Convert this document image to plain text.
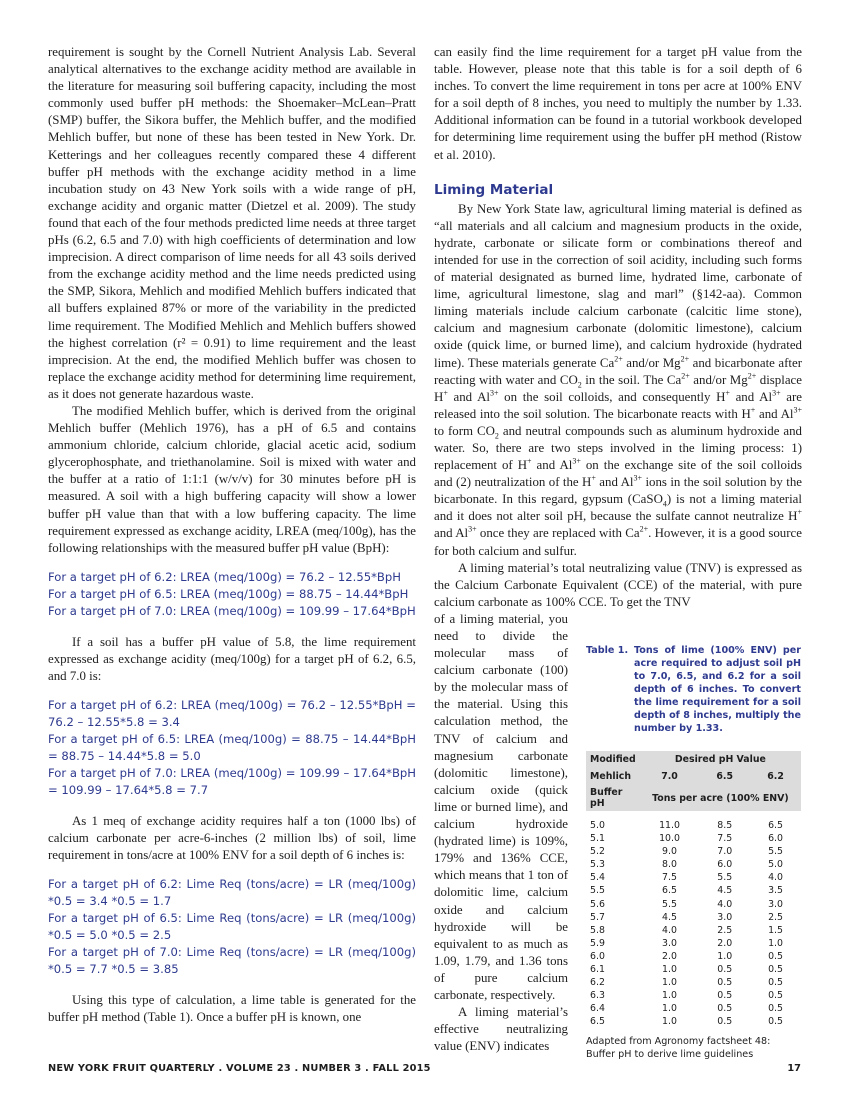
requirement is sought by the Cornell Nutrient Analysis Lab. Several analytical alternatives to the exchange acidity method are available in the literature for measuring soil buffering capacity, including the most commonly used buffer pH methods: the Shoemaker–McLean–Pratt (SMP) buffer, the Sikora buffer, the Mehlich buffer, and the modified Mehlich buffer, but none of these has been tested in New York. Dr. Ketterings and her colleagues recently compared these 4 different buffer pH methods with the exchange acidity method in a lime incubation study on 43 New York soils with a wide range of pH, exchange acidity and organic matter (Dietzel et al. 2009). The study found that each of the four methods predicted lime needs at three target pHs (6.2, 6.5 and 7.0) with high coefficients of determination and low imprecision. A direct comparison of lime needs for all 43 soils derived from the exchange acidity method and the lime needs predicted using the SMP, Sikora, Mehlich and modified Mehlich buffers indicated that all buffers explained 87% or more of the variability in the predicted lime requirement. The Modified Mehlich and Mehlich buffers showed the highest correlation (r² = 0.91) to lime requirement and the least imprecision. At the end, the modified Mehlich buffer was chosen to replace the exchange acidity method for determining lime requirement, as it does not generate hazardous waste.

The modified Mehlich buffer, which is derived from the original Mehlich buffer (Mehlich 1976), has a pH of 6.5 and contains ammonium chloride, calcium chloride, glacial acetic acid, sodium glycerophosphate, and triethanolamine. Soil is mixed with water and the buffer at a ratio of 1:1:1 (w/v/v) for 30 minutes before pH is measured. A soil with a high buffering capacity will show a lower buffer pH value than that with a low buffering capacity. The lime requirement expressed as exchange acidity, LREA (meq/100g), has the following relationships with the measured buffer pH value (BpH):

For a target pH of 6.2: LREA (meq/100g) = 76.2 – 12.55*BpH

For a target pH of 6.5: LREA (meq/100g) = 88.75 – 14.44*BpH

For a target pH of 7.0: LREA (meq/100g) = 109.99 – 17.64*BpH

If a soil has a buffer pH value of 5.8, the lime requirement expressed as exchange acidity (meq/100g) for a target pH of 6.2, 6.5, and 7.0 is:

For a target pH of 6.2: LREA (meq/100g) = 76.2 – 12.55*BpH = 76.2 – 12.55*5.8 = 3.4

For a target pH of 6.5: LREA (meq/100g) = 88.75 – 14.44*BpH = 88.75 – 14.44*5.8 = 5.0

For a target pH of 7.0: LREA (meq/100g) = 109.99 – 17.64*BpH = 109.99 – 17.64*5.8 = 7.7

As 1 meq of exchange acidity requires half a ton (1000 lbs) of calcium carbonate per acre-6-inches (2 million lbs) of soil, lime requirement in tons/acre at 100% ENV for a soil depth of 6 inches is:

For a target pH of 6.2: Lime Req (tons/acre) = LR (meq/100g) *0.5 = 3.4 *0.5 = 1.7

For a target pH of 6.5: Lime Req (tons/acre) = LR (meq/100g) *0.5 = 5.0 *0.5 = 2.5

For a target pH of 7.0: Lime Req (tons/acre) = LR (meq/100g) *0.5 = 7.7 *0.5 = 3.85

Using this type of calculation, a lime table is generated for the buffer pH method (Table 1). Once a buffer pH is known, one

can easily find the lime requirement for a target pH value from the table. However, please note that this table is for a soil depth of 6 inches. To convert the lime requirement in tons per acre at 100% ENV for a soil depth of 8 inches, you need to multiply the number by 1.33. Additional information can be found in a tutorial workbook developed for determining lime requirement using the buffer pH method (Ristow et al. 2010).

Liming Material

By New York State law, agricultural liming material is defined as “all materials and all calcium and magnesium products in the oxide, hydrate, carbonate or silicate form or combinations thereof and intended for use in the correction of soil acidity, including such forms of material designated as burned lime, hydrated lime, carbonate of lime, agricultural limestone, slag and marl” (§142-aa). Common liming materials include calcium carbonate (calcitic lime stone), calcium and magnesium carbonate (dolomitic limestone), calcium oxide (quick lime, or burned lime), and calcium hydroxide (hydrated lime). These materials generate $Ca^{2+}$ and/or $Mg^{2+}$ and bicarbonate after reacting with water and $CO_2$ in the soil. The $Ca^{2+}$ and/or $Mg^{2+}$ displace H+ and $Al^{3+}$ on the soil colloids, and consequently H+ and $Al^{3+}$ are released into the soil solution. The bicarbonate reacts with H+ and $Al^{3+}$ to form $CO_2$ and neutral compounds such as aluminum hydroxide and water. So, there are two steps involved in the liming process: 1) replacement of H+ and $Al^{3+}$ on the exchange site of the soil colloids and (2) neutralization of the H+ and $Al^{3+}$ ions in the soil solution by the bicarbonate. In this regard, gypsum (CaSO$_4$) is not a liming material and it does not alter soil pH, because the sulfate cannot neutralize H+ and $Al^{3+}$ once they are replaced with $Ca^{2+}$. However, it is a good source for both calcium and sulfur.

A liming material’s total neutralizing value (TNV) is expressed as the Calcium Carbonate Equivalent (CCE) of the material, with pure calcium carbonate as 100% CCE. To get the TNV

of a liming material, you need to divide the molecular mass of calcium carbonate (100) by the molecular mass of the material. Using this calculation method, the TNV of calcium and magnesium carbonate (dolomitic limestone), calcium oxide (quick lime or burned lime), and calcium hydroxide (hydrated lime) is 109%, 179% and 136% CCE, which means that 1 ton of dolomitic lime, calcium oxide and calcium hydroxide will be equivalent to as much as 1.09, 1.79, and 1.36 tons of pure calcium carbonate, respectively.

A liming material’s effective neutralizing value (ENV) indicates

Table 1. Tons of lime (100% ENV) per acre required to adjust soil pH to 7.0, 6.5, and 6.2 for a soil depth of 6 inches. To convert the lime requirement for a soil depth of 8 inches, multiply the number by 1.33.
Modified	Desired pH Value		
Mehlich	7.0	6.5	6.2
Buffer pH	Tons per acre (100% ENV)		
5.0	11.0	8.5	6.5
5.1	10.0	7.5	6.0
5.2	9.0	7.0	5.5
5.3	8.0	6.0	5.0
5.4	7.5	5.5	4.0
5.5	6.5	4.5	3.5
5.6	5.5	4.0	3.0
5.7	4.5	3.0	2.5
5.8	4.0	2.5	1.5
5.9	3.0	2.0	1.0
6.0	2.0	1.0	0.5
6.1	1.0	0.5	0.5
6.2	1.0	0.5	0.5
6.3	1.0	0.5	0.5
6.4	1.0	0.5	0.5
6.5	1.0	0.5	0.5
Adapted from Agronomy factsheet 48: Buffer pH to derive lime guidelines
NEW YORK FRUIT QUARTERLY . VOLUME 23 . NUMBER 3 . FALL 2015	17
